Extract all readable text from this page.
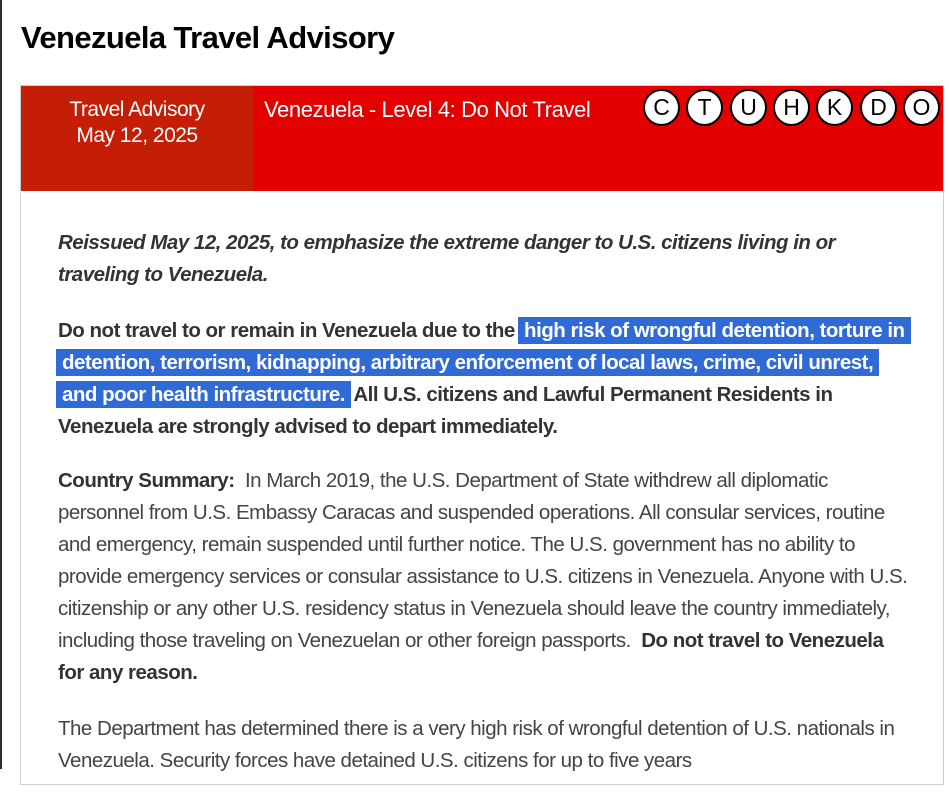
Venezuela Travel Advisory
Travel Advisory
May 12, 2025
Venezuela - Level 4: Do Not Travel	C	T	U	H	K	D	O

Reissued May 12, 2025, to emphasize the extreme danger to U.S. citizens living in or traveling to Venezuela.

Do not travel to or remain in Venezuela due to the high risk of wrongful detention, torture in detention, terrorism, kidnapping, arbitrary enforcement of local laws, crime, civil unrest, and poor health infrastructure. All U.S. citizens and Lawful Permanent Residents in Venezuela are strongly advised to depart immediately.

Country Summary: In March 2019, the U.S. Department of State withdrew all diplomatic personnel from U.S. Embassy Caracas and suspended operations. All consular services, routine and emergency, remain suspended until further notice. The U.S. government has no ability to provide emergency services or consular assistance to U.S. citizens in Venezuela. Anyone with U.S. citizenship or any other U.S. residency status in Venezuela should leave the country immediately, including those traveling on Venezuelan or other foreign passports. Do not travel to Venezuela for any reason.

The Department has determined there is a very high risk of wrongful detention of U.S. nationals in Venezuela. Security forces have detained U.S. citizens for up to five years
